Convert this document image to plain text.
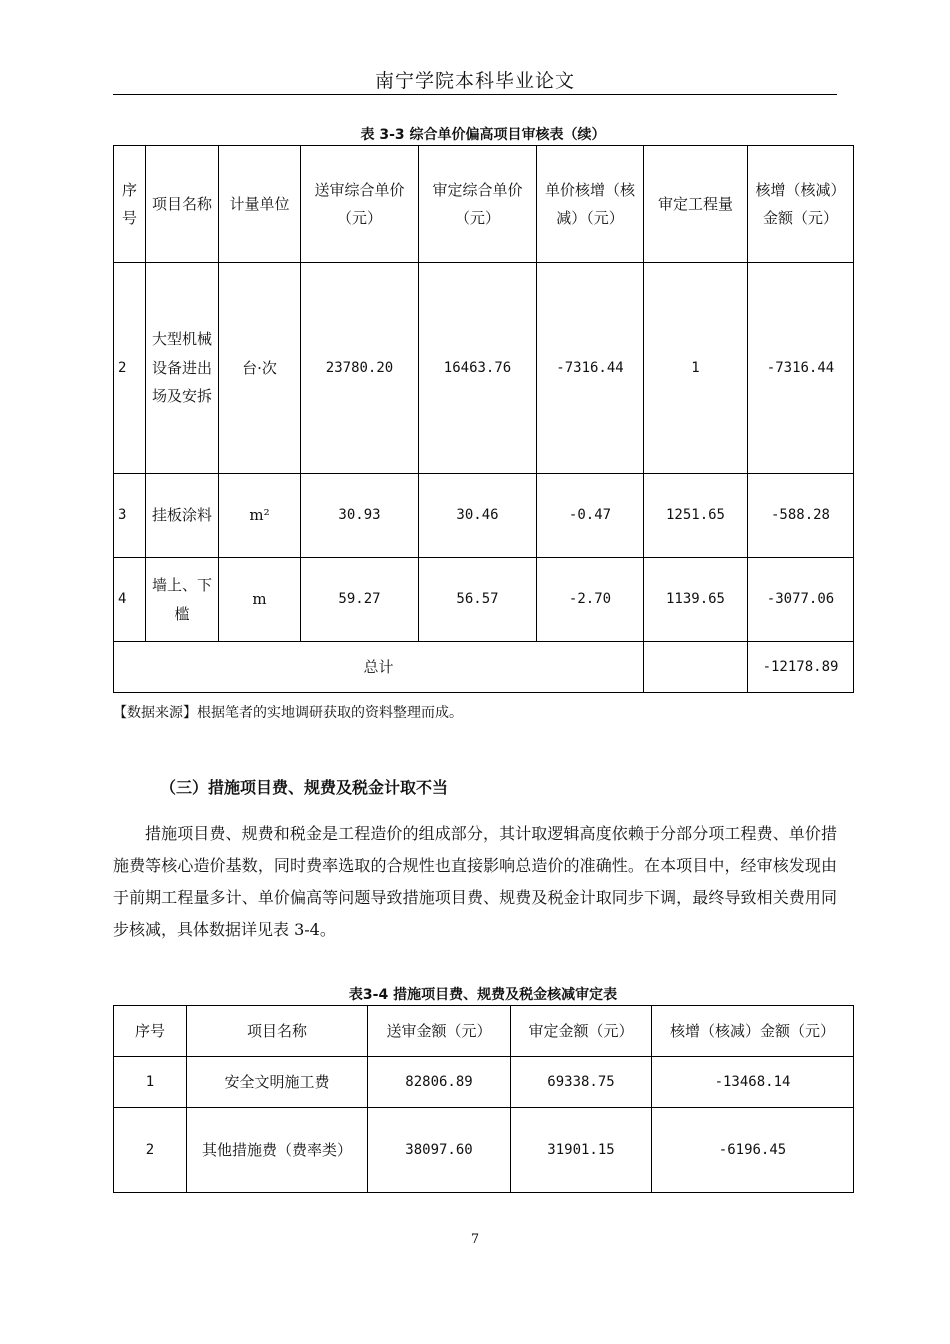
南宁学院本科毕业论文
表 3-3 综合单价偏高项目审核表（续）
序号	项目名称	计量单位	送审综合单价（元）	审定综合单价（元）	单价核增（核减）（元）	审定工程量	核增（核减）金额（元）
2	大型机械设备进出场及安拆	台·次	23780.20	16463.76	-7316.44	1	-7316.44
3	挂板涂料	m²	30.93	30.46	-0.47	1251.65	-588.28
4	墙上、下槛	m	59.27	56.57	-2.70	1139.65	-3077.06
总计							-12178.89
【数据来源】根据笔者的实地调研获取的资料整理而成。
（三）措施项目费、规费及税金计取不当

措施项目费、规费和税金是工程造价的组成部分，其计取逻辑高度依赖于分部分项工程费、单价措施费等核心造价基数，同时费率选取的合规性也直接影响总造价的准确性。在本项目中，经审核发现由于前期工程量多计、单价偏高等问题导致措施项目费、规费及税金计取同步下调，最终导致相关费用同步核减，具体数据详见表 3-4。

表3-4 措施项目费、规费及税金核减审定表
序号	项目名称	送审金额（元）	审定金额（元）	核增（核减）金额（元）
1	安全文明施工费	82806.89	69338.75	-13468.14
2	其他措施费（费率类）	38097.60	31901.15	-6196.45
7
